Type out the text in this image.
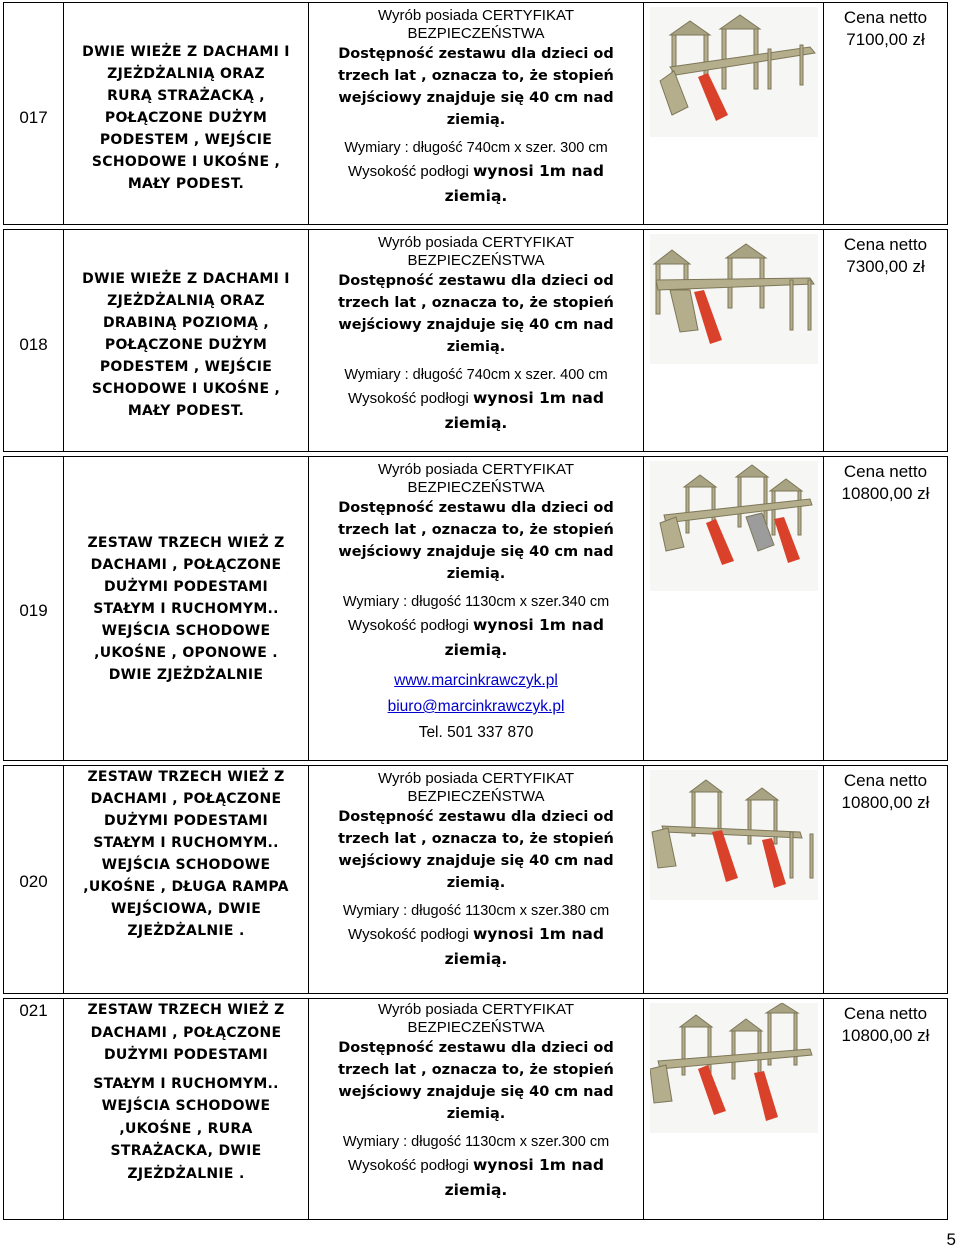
017
DWIE WIEŻE Z DACHAMI I
ZJEŻDŻALNIĄ ORAZ
RURĄ STRAŻACKĄ ,
POŁĄCZONE DUŻYM
PODESTEM , WEJŚCIE
SCHODOWE I UKOŚNE ,
MAŁY PODEST.
Wyrób posiada CERTYFIKAT
BEZPIECZEŃSTWA
Dostępność zestawu dla dzieci od
trzech lat , oznacza to, że stopień
wejściowy znajduje się 40 cm nad
ziemią.
Wymiary : długość 740cm x szer. 300 cm
Wysokość podłogi wynosi 1m nad
ziemią.
Cena netto
7100,00 zł
018
DWIE WIEŻE Z DACHAMI I
ZJEŻDŻALNIĄ ORAZ
DRABINĄ POZIOMĄ ,
POŁĄCZONE DUŻYM
PODESTEM , WEJŚCIE
SCHODOWE I UKOŚNE ,
MAŁY PODEST.
Wyrób posiada CERTYFIKAT
BEZPIECZEŃSTWA
Dostępność zestawu dla dzieci od
trzech lat , oznacza to, że stopień
wejściowy znajduje się 40 cm nad
ziemią.
Wymiary : długość 740cm x szer. 400 cm
Wysokość podłogi wynosi 1m nad
ziemią.
Cena netto
7300,00 zł
019
ZESTAW TRZECH WIEŻ Z
DACHAMI , POŁĄCZONE
DUŻYMI PODESTAMI
STAŁYM I RUCHOMYM..
WEJŚCIA SCHODOWE
,UKOŚNE , OPONOWE .
DWIE ZJEŻDŻALNIE
Wyrób posiada CERTYFIKAT
BEZPIECZEŃSTWA
Dostępność zestawu dla dzieci od
trzech lat , oznacza to, że stopień
wejściowy znajduje się 40 cm nad
ziemią.
Wymiary : długość 1130cm x szer.340 cm
Wysokość podłogi wynosi 1m nad
ziemią.
www.marcinkrawczyk.pl
biuro@marcinkrawczyk.pl
Tel. 501 337 870
Cena netto
10800,00 zł
020
ZESTAW TRZECH WIEŻ Z
DACHAMI , POŁĄCZONE
DUŻYMI PODESTAMI
STAŁYM I RUCHOMYM..
WEJŚCIA SCHODOWE
,UKOŚNE , DŁUGA RAMPA
WEJŚCIOWA, DWIE
ZJEŻDŻALNIE .
Wyrób posiada CERTYFIKAT
BEZPIECZEŃSTWA
Dostępność zestawu dla dzieci od
trzech lat , oznacza to, że stopień
wejściowy znajduje się 40 cm nad
ziemią.
Wymiary : długość 1130cm x szer.380 cm
Wysokość podłogi wynosi 1m nad
ziemią.
Cena netto
10800,00 zł
021	ZESTAW TRZECH WIEŻ Z
DACHAMI , POŁĄCZONE
DUŻYMI PODESTAMI
STAŁYM I RUCHOMYM..
WEJŚCIA SCHODOWE
,UKOŚNE , RURA
STRAŻACKA, DWIE
ZJEŻDŻALNIE .
Wyrób posiada CERTYFIKAT
BEZPIECZEŃSTWA
Dostępność zestawu dla dzieci od
trzech lat , oznacza to, że stopień
wejściowy znajduje się 40 cm nad
ziemią.
Wymiary : długość 1130cm x szer.300 cm
Wysokość podłogi wynosi 1m nad
ziemią.
Cena netto
10800,00 zł
5
